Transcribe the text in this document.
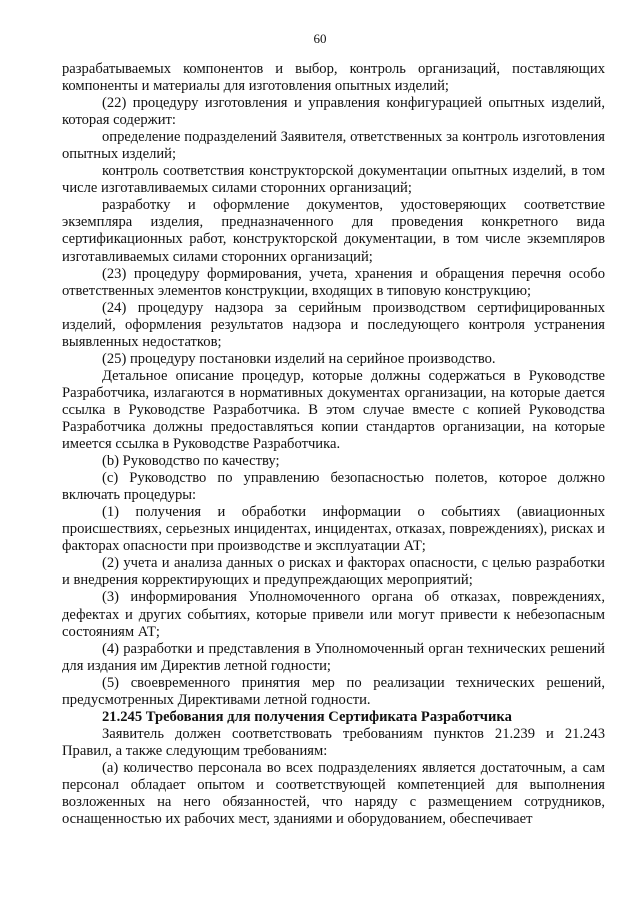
60

разрабатываемых компонентов и выбор, контроль организаций, поставляющих компоненты и материалы для изготовления опытных изделий;

(22) процедуру изготовления и управления конфигурацией опытных изделий, которая содержит:

определение подразделений Заявителя, ответственных за контроль изготовления опытных изделий;

контроль соответствия конструкторской документации опытных изделий, в том числе изготавливаемых силами сторонних организаций;

разработку и оформление документов, удостоверяющих соответствие экземпляра изделия, предназначенного для проведения конкретного вида сертификационных работ, конструкторской документации, в том числе экземпляров изготавливаемых силами сторонних организаций;

(23) процедуру формирования, учета, хранения и обращения перечня особо ответственных элементов конструкции, входящих в типовую конструкцию;

(24) процедуру надзора за серийным производством сертифицированных изделий, оформления результатов надзора и последующего контроля устранения выявленных недостатков;

(25) процедуру постановки изделий на серийное производство.

Детальное описание процедур, которые должны содержаться в Руководстве Разработчика, излагаются в нормативных документах организации, на которые дается ссылка в Руководстве Разработчика. В этом случае вместе с копией Руководства Разработчика должны предоставляться копии стандартов организации, на которые имеется ссылка в Руководстве Разработчика.

(b) Руководство по качеству;

(c) Руководство по управлению безопасностью полетов, которое должно включать процедуры:

(1) получения и обработки информации о событиях (авиационных происшествиях, серьезных инцидентах, инцидентах, отказах, повреждениях), рисках и факторах опасности при производстве и эксплуатации АТ;

(2) учета и анализа данных о рисках и факторах опасности, с целью разработки и внедрения корректирующих и предупреждающих мероприятий;

(3) информирования Уполномоченного органа об отказах, повреждениях, дефектах и других событиях, которые привели или могут привести к небезопасным состояниям АТ;

(4) разработки и представления в Уполномоченный орган технических решений для издания им Директив летной годности;

(5) своевременного принятия мер по реализации технических решений, предусмотренных Директивами летной годности.

21.245 Требования для получения Сертификата Разработчика

Заявитель должен соответствовать требованиям пунктов 21.239 и 21.243 Правил, а также следующим требованиям:

(a) количество персонала во всех подразделениях является достаточным, а сам персонал обладает опытом и соответствующей компетенцией для выполнения возложенных на него обязанностей, что наряду с размещением сотрудников, оснащенностью их рабочих мест, зданиями и оборудованием, обеспечивает
